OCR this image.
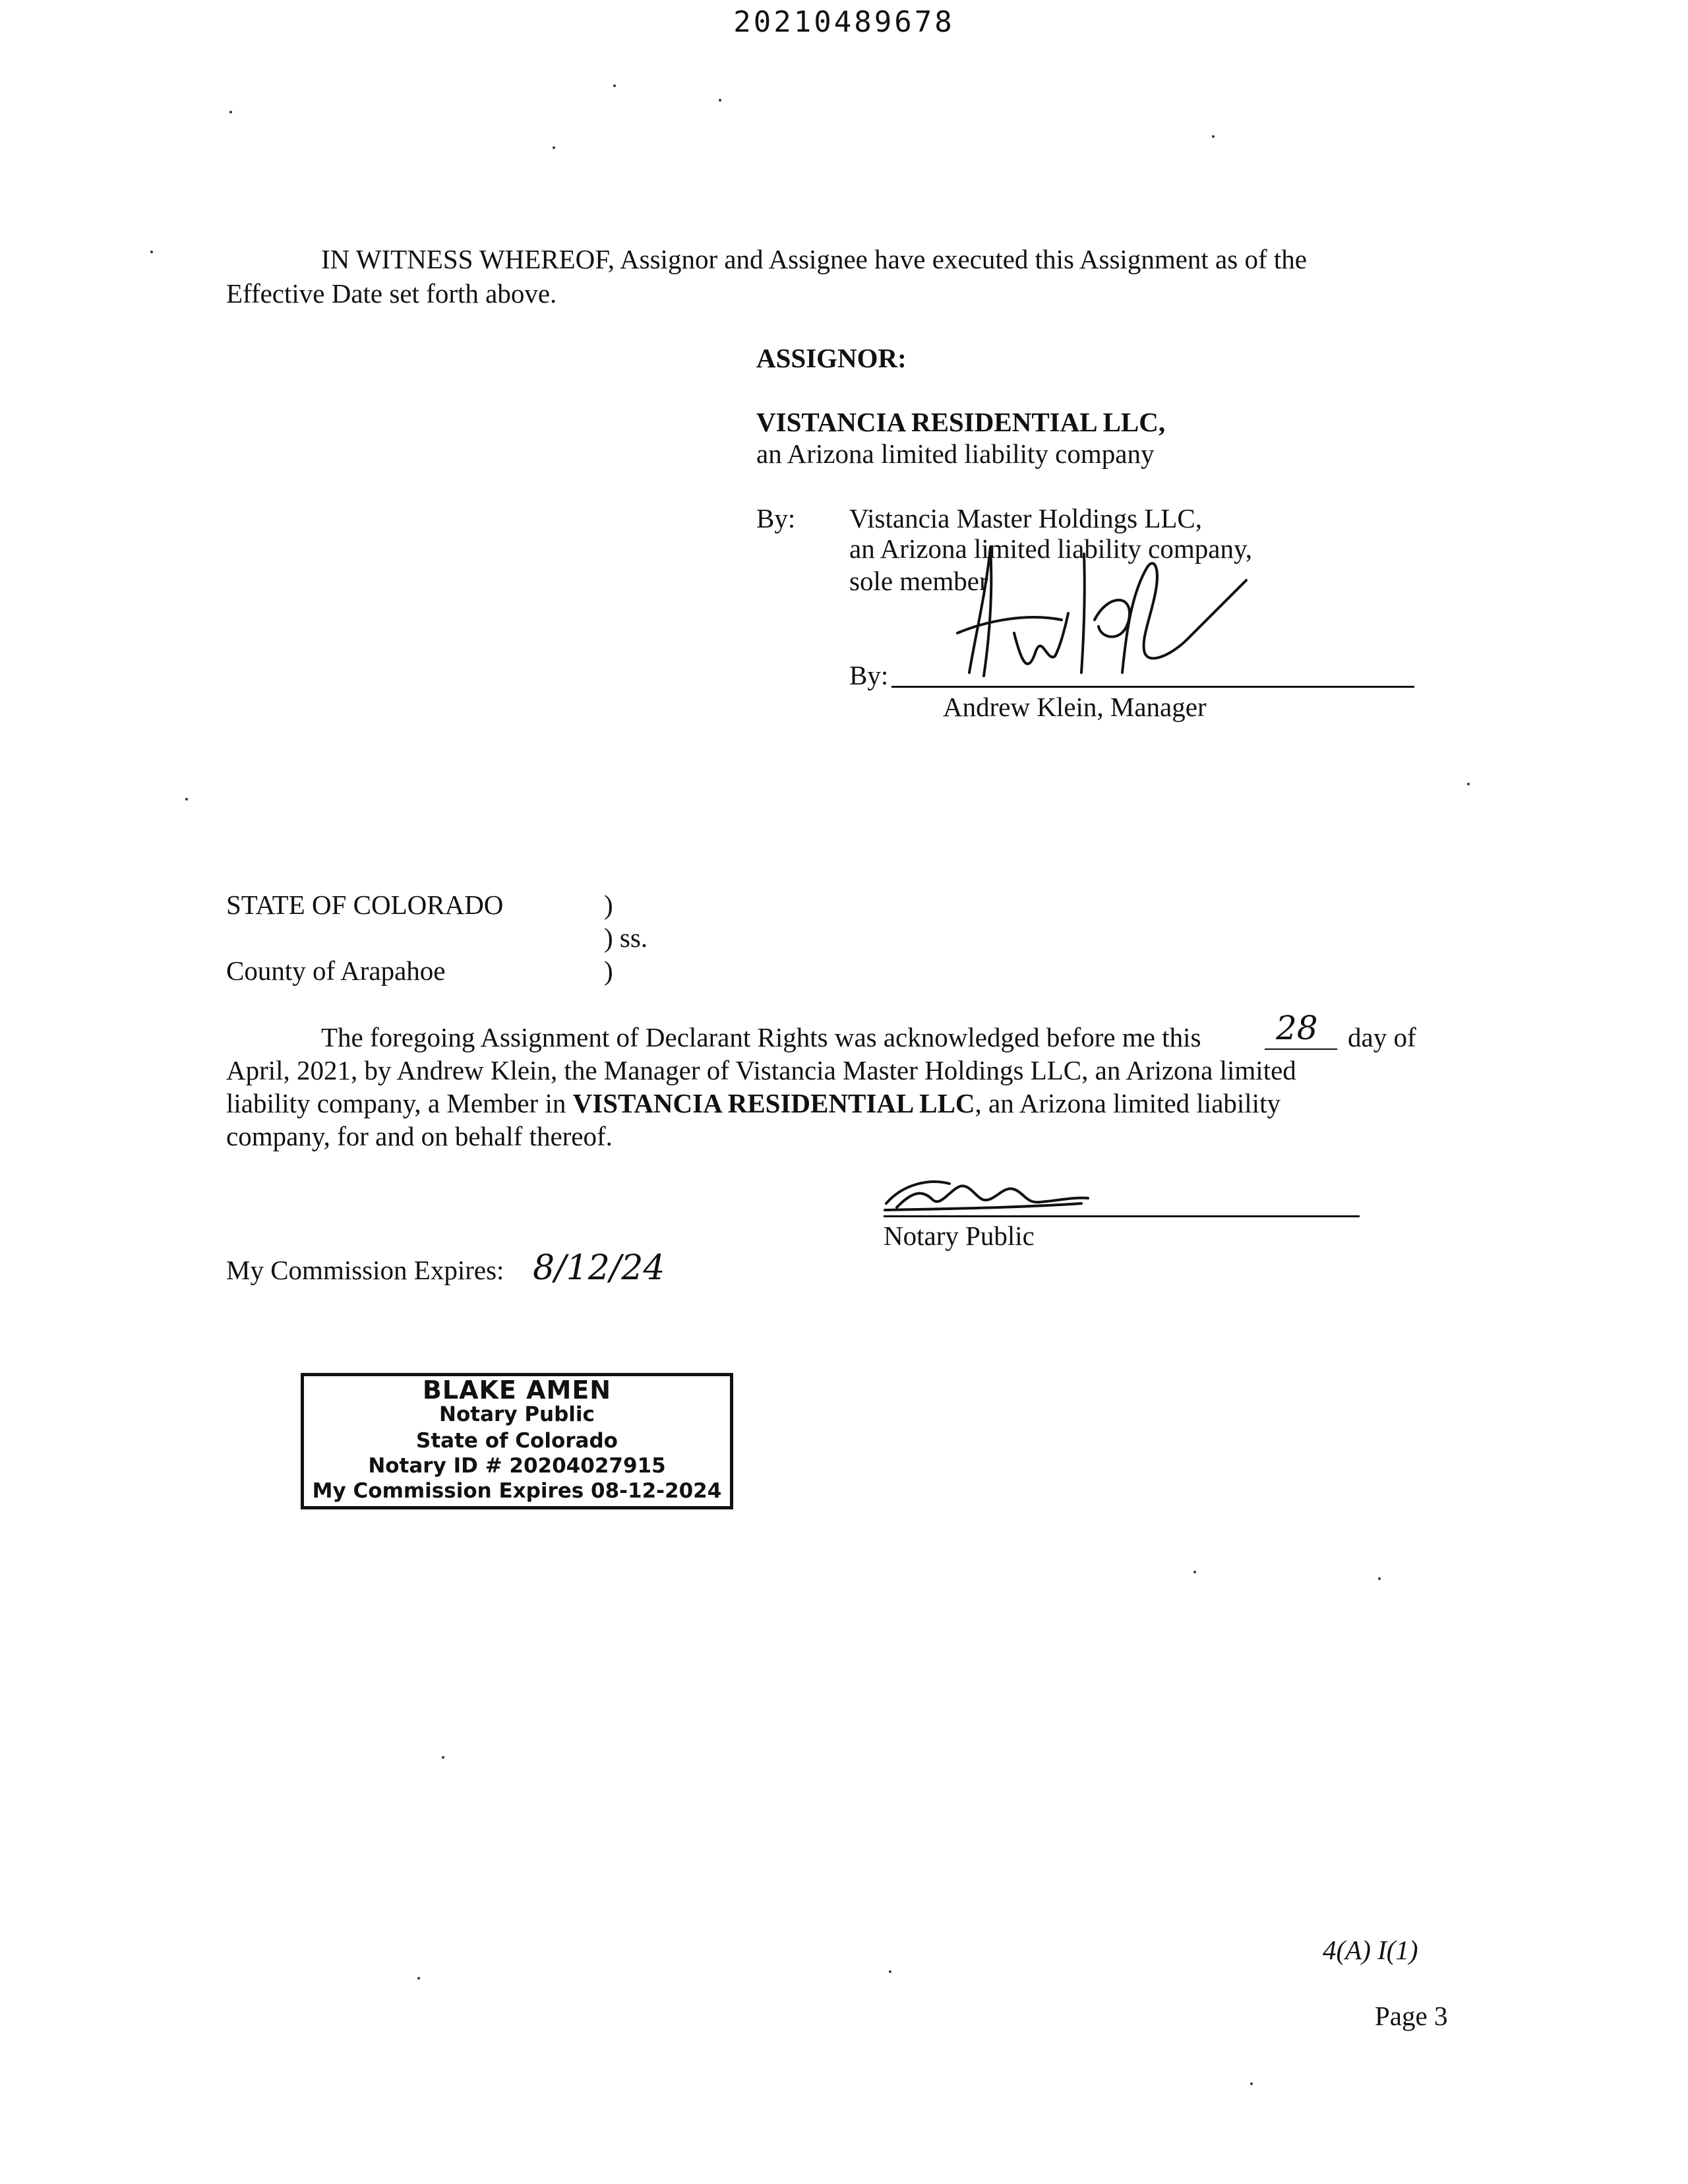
20210489678
IN WITNESS WHEREOF, Assignor and Assignee have executed this Assignment as of the
Effective Date set forth above.
ASSIGNOR:
VISTANCIA RESIDENTIAL LLC,
an Arizona limited liability company
By: Vistancia Master Holdings LLC,
an Arizona limited liability company,
sole member
By:
Andrew Klein, Manager
STATE OF COLORADO	)
) ss.
County of Arapahoe	)
The foregoing Assignment of Declarant Rights was acknowledged before me this 28 day of
April, 2021, by Andrew Klein, the Manager of Vistancia Master Holdings LLC, an Arizona limited
liability company, a Member in VISTANCIA RESIDENTIAL LLC, an Arizona limited liability
company, for and on behalf thereof.
Notary Public
My Commission Expires: 8/12/24
BLAKE AMEN
Notary Public
State of Colorado
Notary ID # 20204027915
My Commission Expires 08-12-2024
4(A) I(1)
Page 3
